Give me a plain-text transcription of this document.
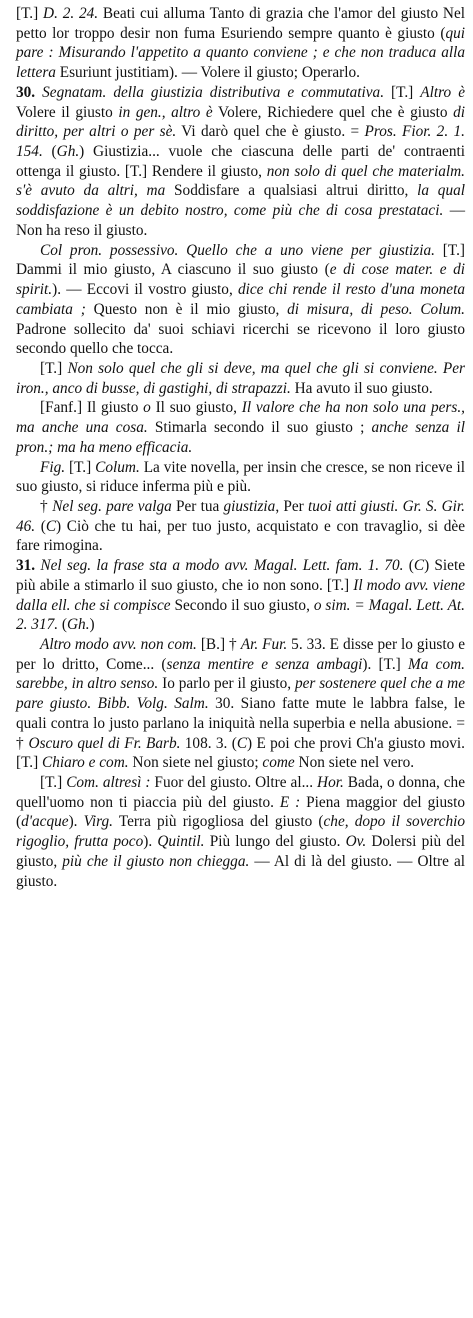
[T.] D. 2. 24. Beati cui alluma Tanto di grazia che l'amor del giusto Nel petto lor troppo desir non fuma Esuriendo sempre quanto è giusto (qui pare : Misurando l'appetito a quanto conviene ; e che non traduca alla lettera Esuriunt justitiam). — Volere il giusto; Operarlo.

30. Segnatam. della giustizia distributiva e commutativa. [T.] Altro è Volere il giusto in gen., altro è Volere, Richiedere quel che è giusto di diritto, per altri o per sè. Vi darò quel che è giusto. = Pros. Fior. 2. 1. 154. (Gh.) Giustizia... vuole che ciascuna delle parti de' contraenti ottenga il giusto. [T.] Rendere il giusto, non solo di quel che materialm. s'è avuto da altri, ma Soddisfare a qualsiasi altrui diritto, la qual soddisfazione è un debito nostro, come più che di cosa prestataci. — Non ha reso il giusto.

Col pron. possessivo. Quello che a uno viene per giustizia. [T.] Dammi il mio giusto, A ciascuno il suo giusto (e di cose mater. e di spirit.). — Eccovi il vostro giusto, dice chi rende il resto d'una moneta cambiata ; Questo non è il mio giusto, di misura, di peso. Colum. Padrone sollecito da' suoi schiavi ricerchi se ricevono il loro giusto secondo quello che tocca.

[T.] Non solo quel che gli si deve, ma quel che gli si conviene. Per iron., anco di busse, di gastighi, di strapazzi. Ha avuto il suo giusto.

[Fanf.] Il giusto o Il suo giusto, Il valore che ha non solo una pers., ma anche una cosa. Stimarla secondo il suo giusto ; anche senza il pron.; ma ha meno efficacia.

Fig. [T.] Colum. La vite novella, per insin che cresce, se non riceve il suo giusto, si riduce inferma più e più.

† Nel seg. pare valga Per tua giustizia, Per tuoi atti giusti. Gr. S. Gir. 46. (C) Ciò che tu hai, per tuo justo, acquistato e con travaglio, si dèe fare rimogina.

31. Nel seg. la frase sta a modo avv. Magal. Lett. fam. 1. 70. (C) Siete più abile a stimarlo il suo giusto, che io non sono. [T.] Il modo avv. viene dalla ell. che si compisce Secondo il suo giusto, o sim. = Magal. Lett. At. 2. 317. (Gh.)

Altro modo avv. non com. [B.] † Ar. Fur. 5. 33. E disse per lo giusto e per lo dritto, Come... (senza mentire e senza ambagi). [T.] Ma com. sarebbe, in altro senso. Io parlo per il giusto, per sostenere quel che a me pare giusto. Bibb. Volg. Salm. 30. Siano fatte mute le labbra false, le quali contra lo justo parlano la iniquità nella superbia e nella abusione. = † Oscuro quel di Fr. Barb. 108. 3. (C) E poi che provi Ch'a giusto movi. [T.] Chiaro e com. Non siete nel giusto; come Non siete nel vero.

[T.] Com. altresì : Fuor del giusto. Oltre al... Hor. Bada, o donna, che quell'uomo non ti piaccia più del giusto. E : Piena maggior del giusto (d'acque). Virg. Terra più rigogliosa del giusto (che, dopo il soverchio rigoglio, frutta poco). Quintil. Più lungo del giusto. Ov. Dolersi più del giusto, più che il giusto non chiegga. — Al di là del giusto. — Oltre al giusto.
